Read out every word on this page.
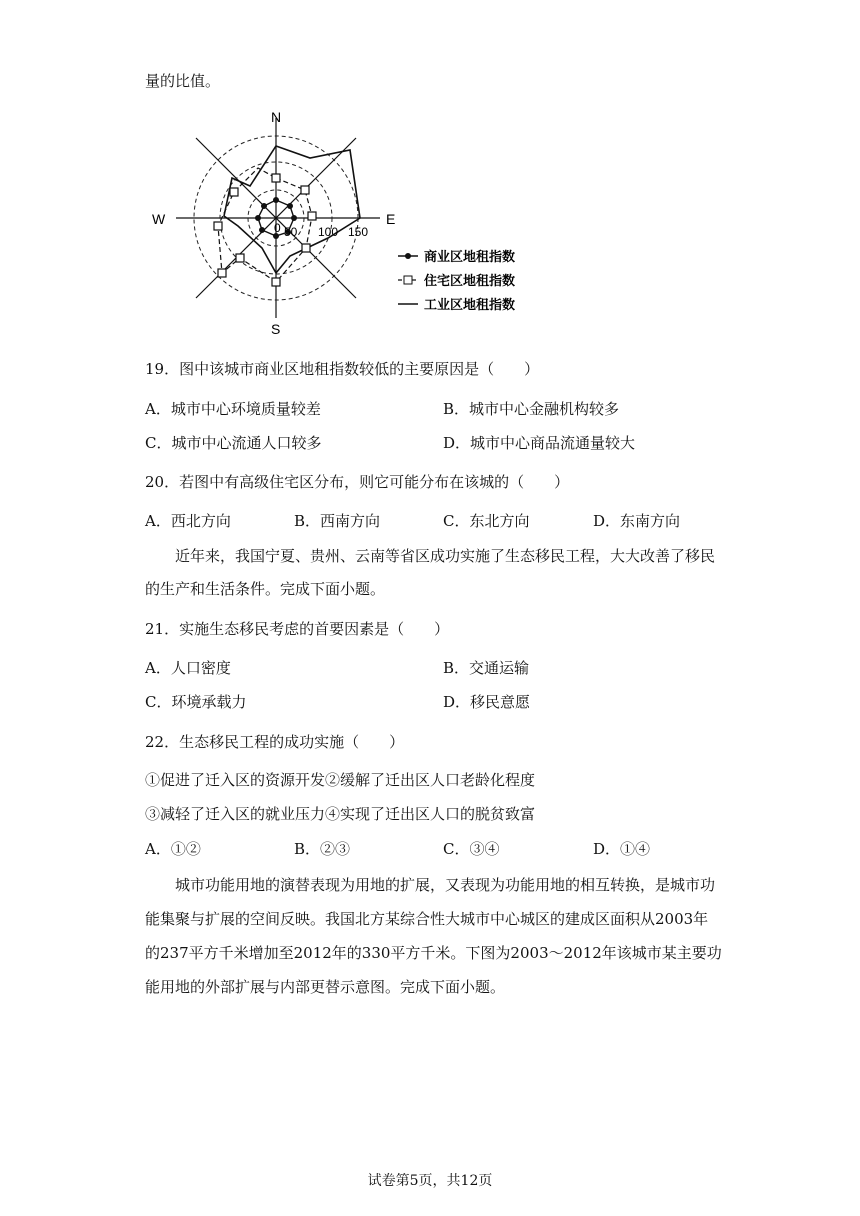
量的比值。
N
E
S
W
0 50 100 150
商业区地租指数
住宅区地租指数
工业区地租指数
19．图中该城市商业区地租指数较低的主要原因是（　　）
A．城市中心环境质量较差	B．城市中心金融机构较多
C．城市中心流通人口较多	D．城市中心商品流通量较大
20．若图中有高级住宅区分布，则它可能分布在该城的（　　）
A．西北方向	B．西南方向	C．东北方向	D．东南方向
近年来，我国宁夏、贵州、云南等省区成功实施了生态移民工程，大大改善了移民
的生产和生活条件。完成下面小题。
21．实施生态移民考虑的首要因素是（　　）
A．人口密度	B．交通运输
C．环境承载力	D．移民意愿
22．生态移民工程的成功实施（　　）
①促进了迁入区的资源开发②缓解了迁出区人口老龄化程度
③减轻了迁入区的就业压力④实现了迁出区人口的脱贫致富
A．①②	B．②③	C．③④	D．①④
城市功能用地的演替表现为用地的扩展，又表现为功能用地的相互转换，是城市功
能集聚与扩展的空间反映。我国北方某综合性大城市中心城区的建成区面积从2003年
的237平方千米增加至2012年的330平方千米。下图为2003～2012年该城市某主要功
能用地的外部扩展与内部更替示意图。完成下面小题。
试卷第5页，共12页
